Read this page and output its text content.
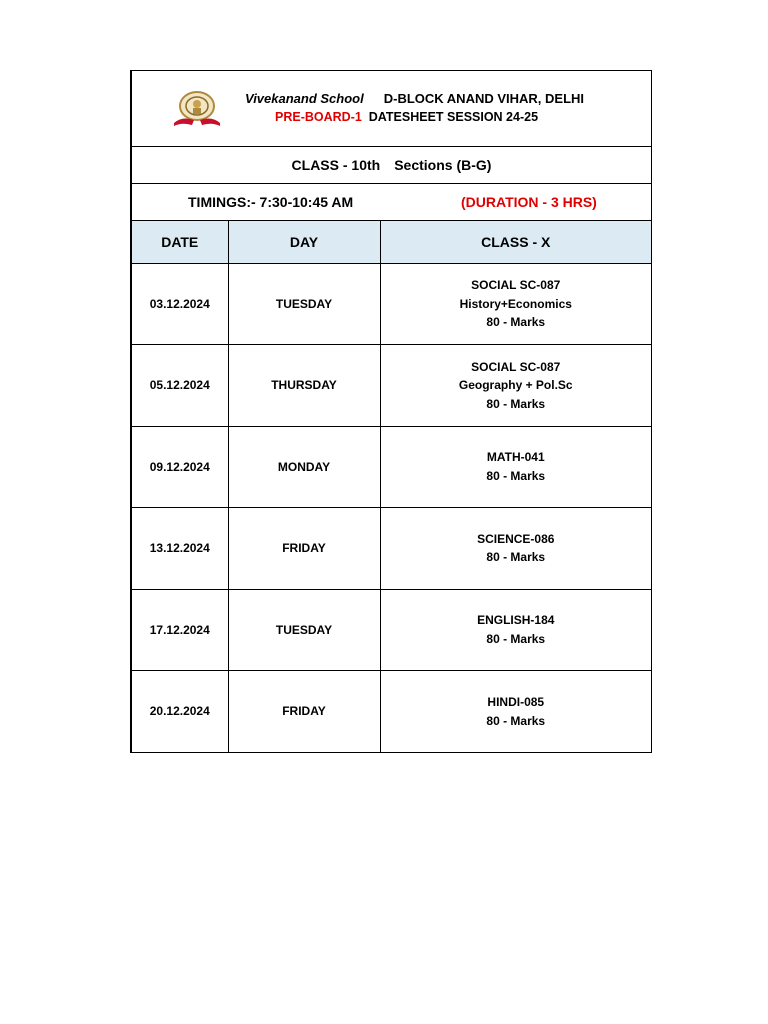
Vivekanand School D-BLOCK ANAND VIHAR, DELHI
PRE-BOARD-1 DATESHEET SESSION 24-25
CLASS - 10th Sections (B-G)
TIMINGS:- 7:30-10:45 AM	(DURATION - 3 HRS)
DATE	DAY	CLASS - X
03.12.2024	TUESDAY	SOCIAL SC-087
History+Economics
80 - Marks

05.12.2024	THURSDAY	SOCIAL SC-087
Geography + Pol.Sc
80 - Marks

09.12.2024	MONDAY	MATH-041
80 - Marks

13.12.2024	FRIDAY	SCIENCE-086
80 - Marks

17.12.2024	TUESDAY	ENGLISH-184
80 - Marks

20.12.2024	FRIDAY	HINDI-085
80 - Marks
